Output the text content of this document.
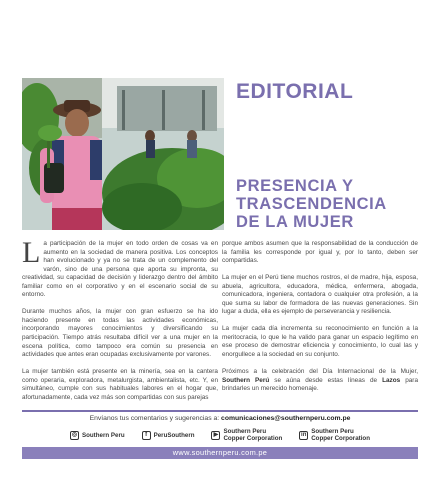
EDITORIAL
PRESENCIA Y
TRASCENDENCIA
DE LA MUJER

La participación de la mujer en todo orden de cosas va en aumento en la sociedad de manera positiva. Los conceptos han evolucionado y ya no se trata de un complemento del varón, sino de una persona que aporta su impronta, su creatividad, su capacidad de decisión y liderazgo dentro del ámbito familiar como en el corporativo y en el escenario social de su entorno.

Durante muchos años, la mujer con gran esfuerzo se ha ido haciendo presente en todas las actividades económicas, incorporando mayores conocimientos y diversificando su participación. Tiempo atrás resultaba difícil ver a una mujer en la escena política, como tampoco era común su presencia en actividades que antes eran ocupadas exclusivamente por varones.

La mujer también está presente en la minería, sea en la cantera como operaria, exploradora, metalurgista, ambientalista, etc. Y, en simultáneo, cumple con sus habituales labores en el hogar que, afortunadamente, cada vez más son compartidas con sus parejas

porque ambos asumen que la responsabilidad de la conducción de la familia les corresponde por igual y, por lo tanto, deben ser compartidas.

La mujer en el Perú tiene muchos rostros, el de madre, hija, esposa, abuela, agricultora, educadora, médica, enfermera, abogada, comunicadora, ingeniera, contadora o cualquier otra profesión, a la que suma su labor de formadora de las nuevas generaciones. Sin lugar a duda, ella es ejemplo de perseverancia y resiliencia.

La mujer cada día incrementa su reconocimiento en función a la meritocracia, lo que le ha valido para ganar un espacio legítimo en ese proceso de demostrar eficiencia y conocimiento, lo cual las y enorgullece a la sociedad en su conjunto.

Próximos a la celebración del Día Internacional de la Mujer, Southern Perú se aúna desde estas líneas de Lazos para brindarles un merecido homenaje.

Envíanos tus comentarios y sugerencias a: comunicaciones@southernperu.com.pe
◎ Southern Peru	f	PeruSouthern	▶ Southern Peru
Copper Corporation
in Southern Peru
Copper Corporation
www.southernperu.com.pe
